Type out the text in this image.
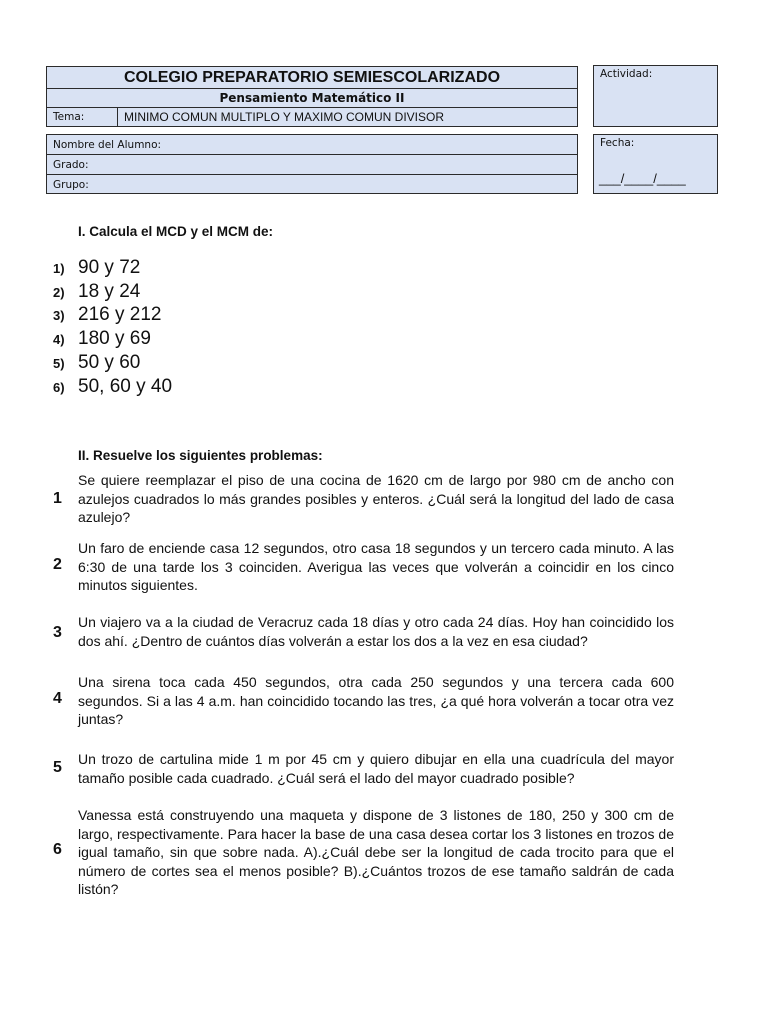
COLEGIO PREPARATORIO SEMIESCOLARIZADO
Pensamiento Matemático II
Tema:	MINIMO COMUN MULTIPLO Y MAXIMO COMUN DIVISOR
Actividad:
Nombre del Alumno:
Grado:
Grupo:
Fecha:
___/____/____
I. Calcula el MCD y el MCM de:
1) 90 y 72
2) 18 y 24
3) 216 y 212
4) 180 y 69
5) 50 y 60
6) 50, 60 y 40
II. Resuelve los siguientes problemas:
1
Se quiere reemplazar el piso de una cocina de 1620 cm de largo por 980 cm de ancho con azulejos cuadrados lo más grandes posibles y enteros. ¿Cuál será la longitud del lado de casa azulejo?
2
Un faro de enciende casa 12 segundos, otro casa 18 segundos y un tercero cada minuto. A las 6:30 de una tarde los 3 coinciden. Averigua las veces que volverán a coincidir en los cinco minutos siguientes.
3
Un viajero va a la ciudad de Veracruz cada 18 días y otro cada 24 días. Hoy han coincidido los dos ahí. ¿Dentro de cuántos días volverán a estar los dos a la vez en esa ciudad?
4
Una sirena toca cada 450 segundos, otra cada 250 segundos y una tercera cada 600 segundos. Si a las 4 a.m. han coincidido tocando las tres, ¿a qué hora volverán a tocar otra vez juntas?
5 Un trozo de cartulina mide 1 m por 45 cm y quiero dibujar en ella una cuadrícula del mayor tamaño posible cada cuadrado. ¿Cuál será el lado del mayor cuadrado posible?
6
Vanessa está construyendo una maqueta y dispone de 3 listones de 180, 250 y 300 cm de largo, respectivamente. Para hacer la base de una casa desea cortar los 3 listones en trozos de igual tamaño, sin que sobre nada. A).¿Cuál debe ser la longitud de cada trocito para que el número de cortes sea el menos posible? B).¿Cuántos trozos de ese tamaño saldrán de cada listón?
